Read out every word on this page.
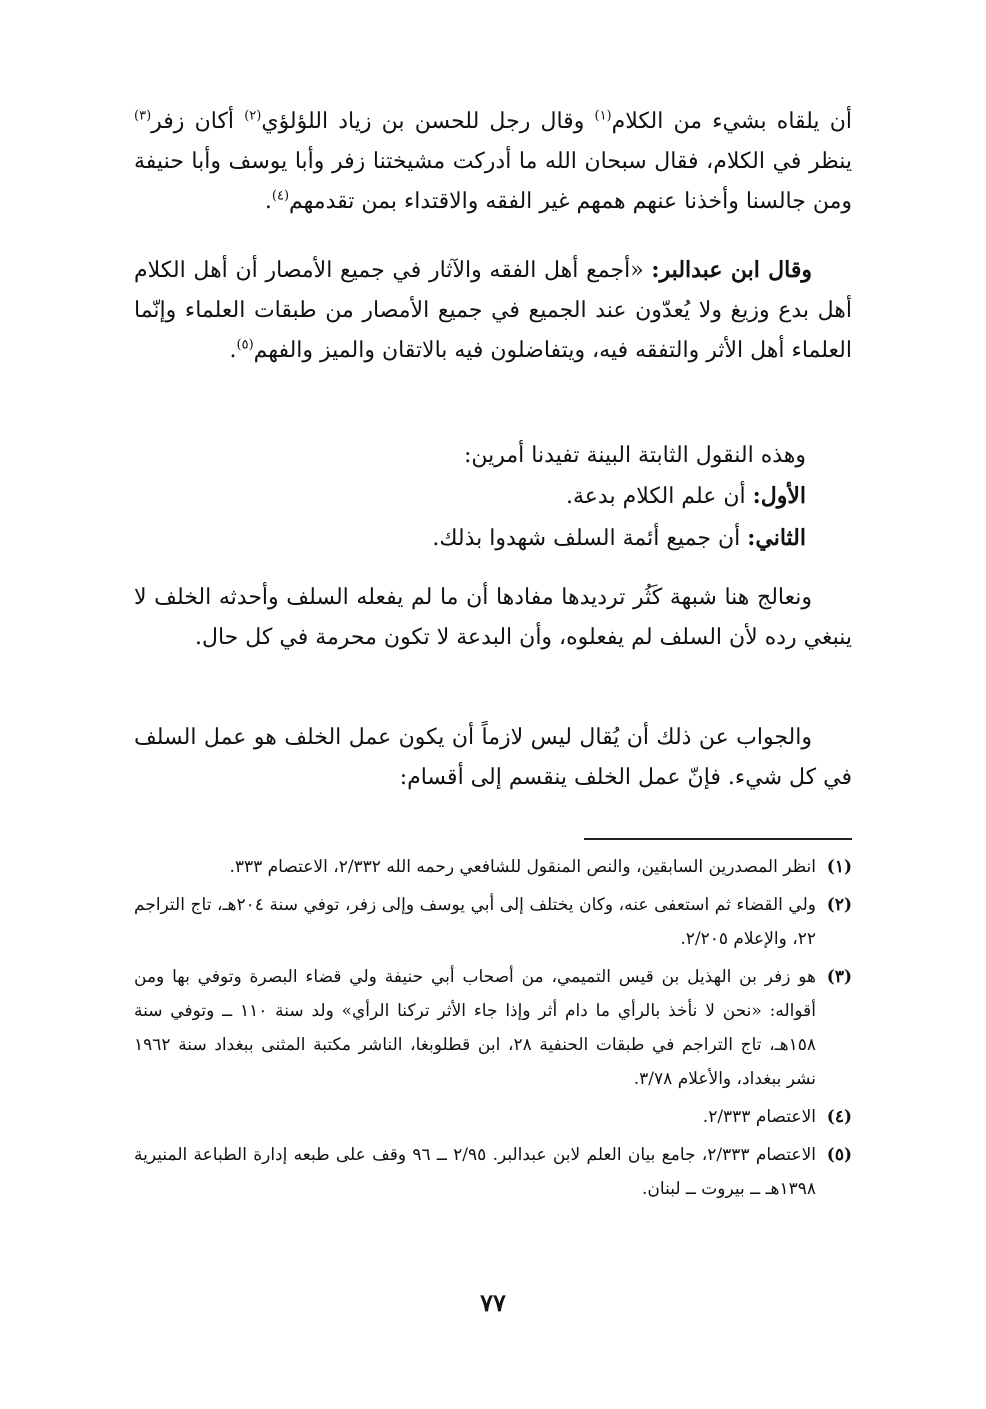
أن يلقاه بشيء من الكلام$^{(١)}$ وقال رجل للحسن بن زياد اللؤلؤي$^{(٢)}$ أكان زفر$^{(٣)}$ ينظر في الكلام، فقال سبحان الله ما أدركت مشيختنا زفر وأبا يوسف وأبا حنيفة ومن جالسنا وأخذنا عنهم همهم غير الفقه والاقتداء بمن تقدمهم$^{(٤)}$.

وقال ابن عبدالبر: «أجمع أهل الفقه والآثار في جميع الأمصار أن أهل الكلام أهل بدع وزيغ ولا يُعدّون عند الجميع في جميع الأمصار من طبقات العلماء وإنّما العلماء أهل الأثر والتفقه فيه، ويتفاضلون فيه بالاتقان والميز والفهم$^{(٥)}$.

وهذه النقول الثابتة البينة تفيدنا أمرين:

الأول: أن علم الكلام بدعة.

الثاني: أن جميع أئمة السلف شهدوا بذلك.

ونعالج هنا شبهة كَثُر ترديدها مفادها أن ما لم يفعله السلف وأحدثه الخلف لا ينبغي رده لأن السلف لم يفعلوه، وأن البدعة لا تكون محرمة في كل حال.

والجواب عن ذلك أن يُقال ليس لازماً أن يكون عمل الخلف هو عمل السلف في كل شيء. فإنّ عمل الخلف ينقسم إلى أقسام:

(١)
انظر المصدرين السابقين، والنص المنقول للشافعي رحمه الله ٢/٣٣٢، الاعتصام ٣٣٣.
(٢)
ولي القضاء ثم استعفى عنه، وكان يختلف إلى أبي يوسف وإلى زفر، توفي سنة ٢٠٤هـ، تاج التراجم ٢٢، والإعلام ٢/٢٠٥.
(٣)
هو زفر بن الهذيل بن قيس التميمي، من أصحاب أبي حنيفة ولي قضاء البصرة وتوفي بها ومن أقواله: «نحن لا نأخذ بالرأي ما دام أثر وإذا جاء الأثر تركنا الرأي» ولد سنة ١١٠ ــ وتوفي سنة ١٥٨هـ، تاج التراجم في طبقات الحنفية ٢٨، ابن قطلوبغا، الناشر مكتبة المثنى ببغداد سنة ١٩٦٢ نشر ببغداد، والأعلام ٣/٧٨.
(٤)
الاعتصام ٢/٣٣٣.
(٥)
الاعتصام ٢/٣٣٣، جامع بيان العلم لابن عبدالبر. ٢/٩٥ ــ ٩٦ وقف على طبعه إدارة الطباعة المنيرية ١٣٩٨هـ ــ بيروت ــ لبنان.
٧٧
